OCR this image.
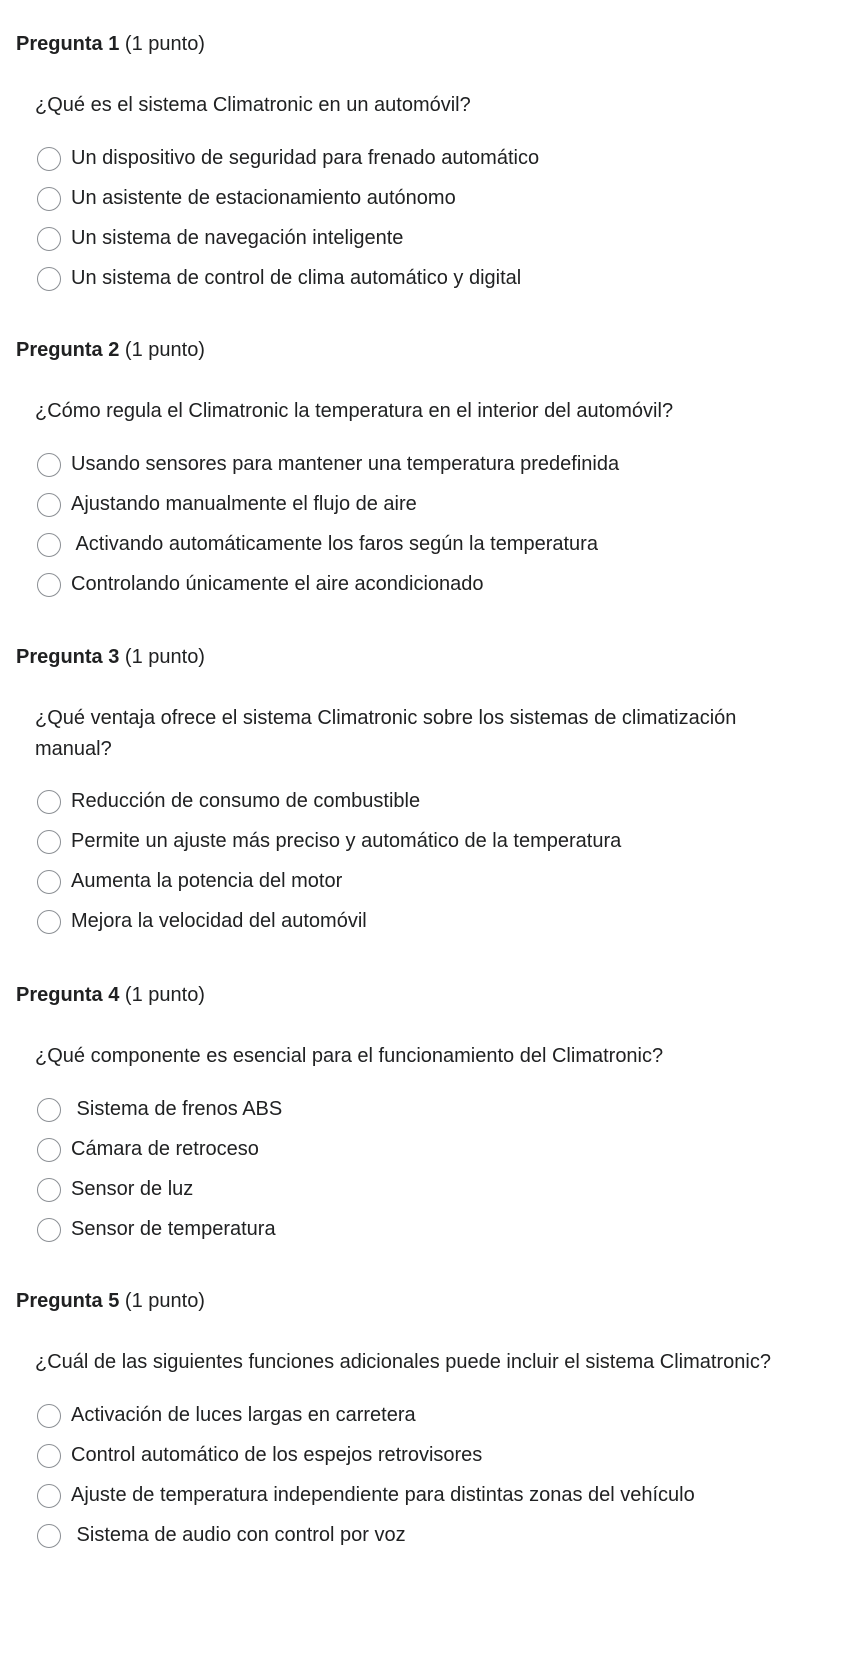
Pregunta 1 (1 punto)
¿Qué es el sistema Climatronic en un automóvil?
Un dispositivo de seguridad para frenado automático
Un asistente de estacionamiento autónomo
Un sistema de navegación inteligente
Un sistema de control de clima automático y digital
Pregunta 2 (1 punto)
¿Cómo regula el Climatronic la temperatura en el interior del automóvil?
Usando sensores para mantener una temperatura predefinida
Ajustando manualmente el flujo de aire
Activando automáticamente los faros según la temperatura
Controlando únicamente el aire acondicionado
Pregunta 3 (1 punto)
¿Qué ventaja ofrece el sistema Climatronic sobre los sistemas de climatización manual?
Reducción de consumo de combustible
Permite un ajuste más preciso y automático de la temperatura
Aumenta la potencia del motor
Mejora la velocidad del automóvil
Pregunta 4 (1 punto)
¿Qué componente es esencial para el funcionamiento del Climatronic?
Sistema de frenos ABS
Cámara de retroceso
Sensor de luz
Sensor de temperatura
Pregunta 5 (1 punto)
¿Cuál de las siguientes funciones adicionales puede incluir el sistema Climatronic?
Activación de luces largas en carretera
Control automático de los espejos retrovisores
Ajuste de temperatura independiente para distintas zonas del vehículo
Sistema de audio con control por voz
